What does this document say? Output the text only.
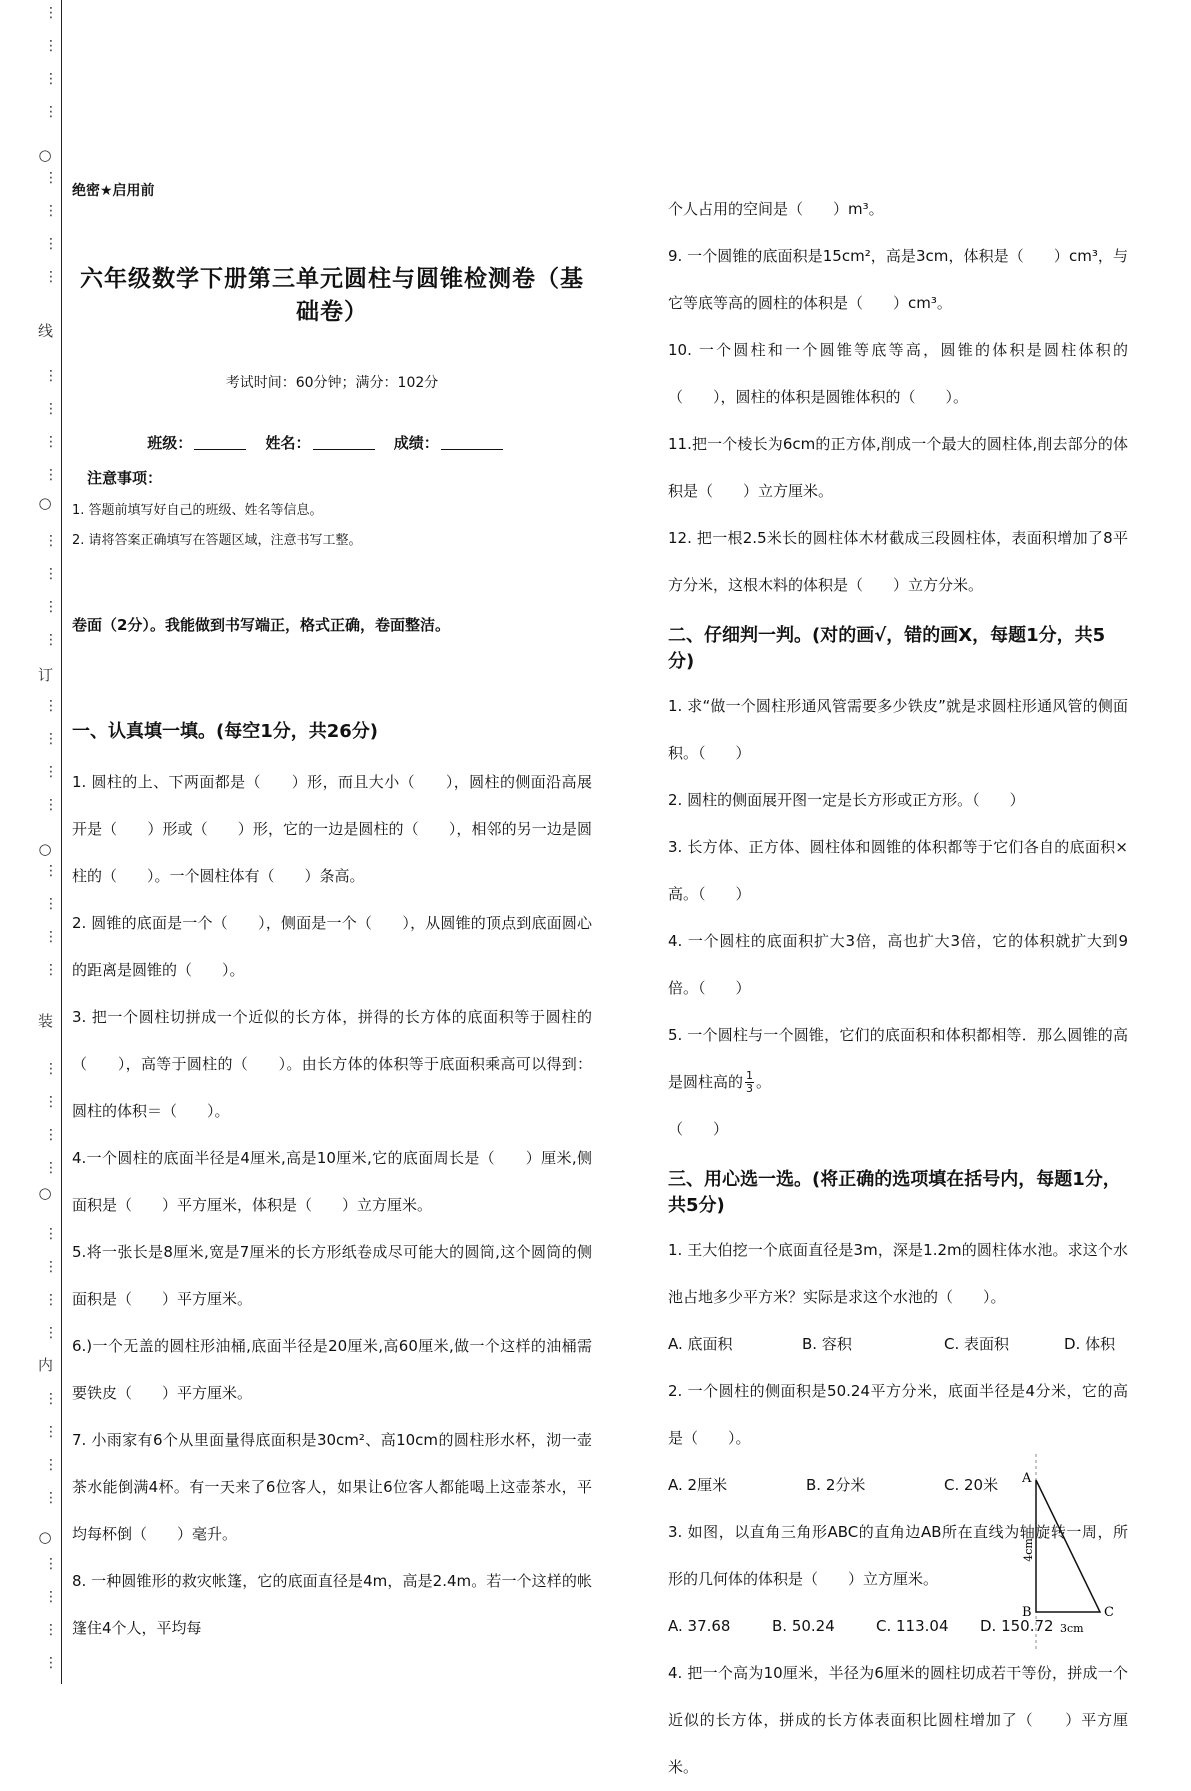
⋮
⋮
⋮
⋮
⋮
⋮
⋮
⋮
⋮
⋮
⋮
⋮
⋮
⋮
⋮
⋮
⋮
⋮
⋮
⋮
⋮
⋮
⋮
⋮
⋮
⋮
⋮
⋮
⋮
⋮
⋮
⋮
⋮
⋮
⋮
⋮
⋮
⋮
⋮
⋮
○
○
○
○
○
线
订
装
内
绝密★启用前
六年级数学下册第三单元圆柱与圆锥检测卷（基础卷）
考试时间：60分钟；满分：102分
班级：	姓名：	成绩：
注意事项：
1. 答题前填写好自己的班级、姓名等信息。
2. 请将答案正确填写在答题区域，注意书写工整。
卷面（2分）。我能做到书写端正，格式正确，卷面整洁。
一、认真填一填。(每空1分，共26分)
1. 圆柱的上、下两面都是（　　）形，而且大小（　　），圆柱的侧面沿高展开是（　　）形或（　　）形，它的一边是圆柱的（　　），相邻的另一边是圆柱的（　　）。一个圆柱体有（　　）条高。
2. 圆锥的底面是一个（　　），侧面是一个（　　），从圆锥的顶点到底面圆心的距离是圆锥的（　　）。
3. 把一个圆柱切拼成一个近似的长方体，拼得的长方体的底面积等于圆柱的（　　），高等于圆柱的（　　）。由长方体的体积等于底面积乘高可以得到：圆柱的体积＝（　　）。
4.一个圆柱的底面半径是4厘米,高是10厘米,它的底面周长是（　　）厘米,侧面积是（　　）平方厘米，体积是（　　）立方厘米。
5.将一张长是8厘米,宽是7厘米的长方形纸卷成尽可能大的圆筒,这个圆筒的侧面积是（　　）平方厘米。
6.)一个无盖的圆柱形油桶,底面半径是20厘米,高60厘米,做一个这样的油桶需要铁皮（　　）平方厘米。
7. 小雨家有6个从里面量得底面积是30cm²、高10cm的圆柱形水杯，沏一壶茶水能倒满4杯。有一天来了6位客人，如果让6位客人都能喝上这壶茶水，平均每杯倒（　　）毫升。
8. 一种圆锥形的救灾帐篷，它的底面直径是4m，高是2.4m。若一个这样的帐篷住4个人，平均每
个人占用的空间是（　　）m³。
9. 一个圆锥的底面积是15cm²，高是3cm，体积是（　　）cm³，与它等底等高的圆柱的体积是（　　）cm³。
10. 一个圆柱和一个圆锥等底等高，圆锥的体积是圆柱体积的（　　），圆柱的体积是圆锥体积的（　　）。
11.把一个棱长为6cm的正方体,削成一个最大的圆柱体,削去部分的体积是（　　）立方厘米。
12. 把一根2.5米长的圆柱体木材截成三段圆柱体，表面积增加了8平方分米，这根木料的体积是（　　）立方分米。
二、仔细判一判。(对的画√，错的画X，每题1分，共5分)
1. 求“做一个圆柱形通风管需要多少铁皮”就是求圆柱形通风管的侧面积。（　　）
2. 圆柱的侧面展开图一定是长方形或正方形。（　　）
3. 长方体、正方体、圆柱体和圆锥的体积都等于它们各自的底面积×高。（　　）
4. 一个圆柱的底面积扩大3倍，高也扩大3倍，它的体积就扩大到9倍。（　　）
5. 一个圆柱与一个圆锥，它们的底面积和体积都相等．那么圆锥的高是圆柱高的 $\frac{1}{3}$ 。
（　　）
三、用心选一选。(将正确的选项填在括号内，每题1分，共5分)
1. 王大伯挖一个底面直径是3m，深是1.2m的圆柱体水池。求这个水池占地多少平方米？实际是求这个水池的（　　）。
A. 底面积	B. 容积	C. 表面积	D. 体积
2. 一个圆柱的侧面积是50.24平方分米，底面半径是4分米，它的高是（　　）。
A. 2厘米	B. 2分米	C. 20米
3. 如图，以直角三角形ABC的直角边AB所在直线为轴旋转一周，所形的几何体的体积是（　　）立方厘米。
A. 37.68	B. 50.24	C. 113.04	D. 150.72
4. 把一个高为10厘米，半径为6厘米的圆柱切成若干等份，拼成一个近似的长方体，拼成的长方体表面积比圆柱增加了（　　）平方厘米。
A
B	C
4cm
3cm
